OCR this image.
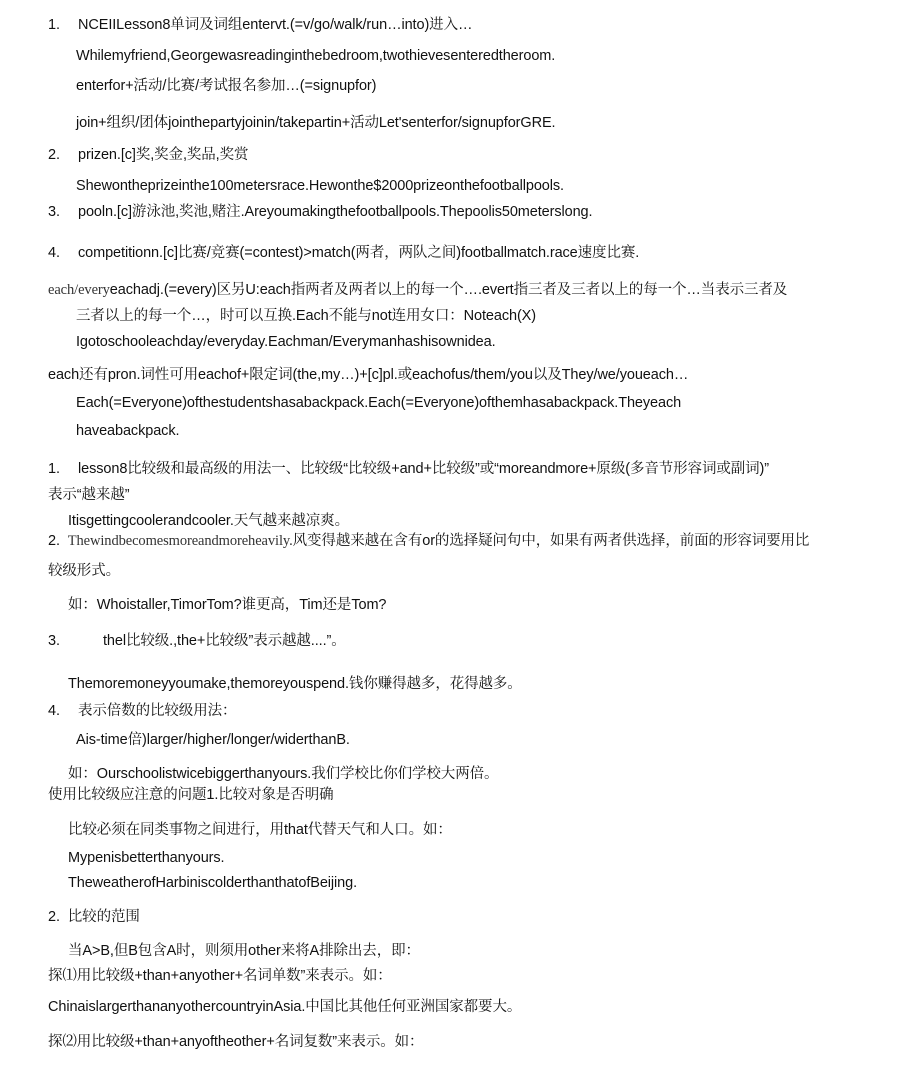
1. NCEIILesson8单词及词组entervt.(=v/go/walk/run…into)进入…
Whilemyfriend,Georgewasreadinginthebedroom,twothievesenteredtheroom.
enterfor+活动/比赛/考试报名参加…(=signupfor)
join+组织/团体jointhepartyjoinin/takepartin+活动Let'senterfor/signupforGRE.
2. prizen.[c]奖,奖金,奖品,奖赏
Shewontheprizeinthe100metersrace.Hewonthe$2000prizeonthefootballpools.
3. pooln.[c]游泳池,奖池,赌注.Areyoumakingthefootballpools.Thepoolis50meterslong.
4. competitionn.[c]比赛/竞赛(=contest)>match(两者，两队之间)footballmatch.race速度比赛.
each/everyeachadj.(=every)区另U:each指两者及两者以上的每一个….evert指三者及三者以上的每一个…当表示三者及
三者以上的每一个…，时可以互换.Each不能与not连用女口：Noteach(X)
Igotoschooleachday/everyday.Eachman/Everymanhashisownidea.
each还有pron.词性可用eachof+限定词(the,my…)+[c]pl.或eachofus/them/you以及They/we/youeach…
Each(=Everyone)ofthestudentshasabackpack.Each(=Everyone)ofthemhasabackpack.Theyeach
haveabackpack.
1. lesson8比较级和最高级的用法一、比较级“比较级+and+比较级”或“moreandmore+原级(多音节形容词或副词)”
表示“越来越”
Itisgettingcoolerandcooler.天气越来越凉爽。
2. Thewindbecomesmoreandmoreheavily.风变得越来越在含有or的选择疑问句中，如果有两者供选择，前面的形容词要用比
较级形式。
如：Whoistaller,TimorTom?谁更高，Tim还是Tom?
3.	thel比较级.,the+比较级”表示越越....”。
Themoremoneyyoumake,themoreyouspend.钱你赚得越多，花得越多。
4. 表示倍数的比较级用法：
Ais-time倍)larger/higher/longer/widerthanB.
如：Ourschoolistwicebiggerthanyours.我们学校比你们学校大两倍。
使用比较级应注意的问题1.比较对象是否明确
比较必须在同类事物之间进行，用that代替天气和人口。如：
Mypenisbetterthanyours.
TheweatherofHarbiniscolderthanthatofBeijing.
2. 比较的范围
当A>B,但B包含A时，则须用other来将A排除出去，即：
探⑴用比较级+than+anyother+名词单数”来表示。如：
ChinaislargerthananyothercountryinAsia.中国比其他任何亚洲国家都要大。
探⑵用比较级+than+anyoftheother+名词复数”来表示。如：
